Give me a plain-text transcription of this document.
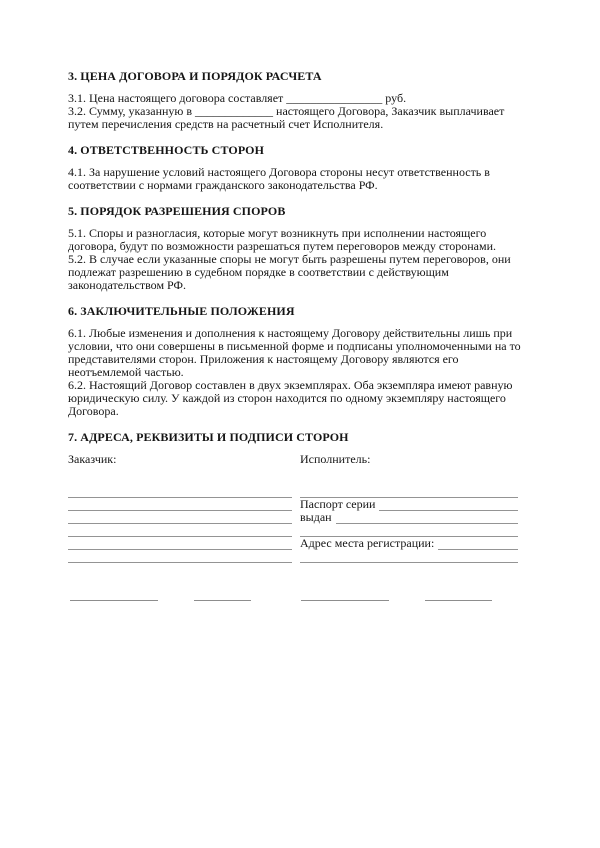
3. ЦЕНА ДОГОВОРА И ПОРЯДОК РАСЧЕТА

3.1. Цена настоящего договора составляет ________________ руб.

3.2. Сумму, указанную в _____________ настоящего Договора, Заказчик выплачивает путем перечисления средств на расчетный счет Исполнителя.

4. ОТВЕТСТВЕННОСТЬ СТОРОН

4.1. За нарушение условий настоящего Договора стороны несут ответственность в соответствии с нормами гражданского законодательства РФ.

5. ПОРЯДОК РАЗРЕШЕНИЯ СПОРОВ

5.1. Споры и разногласия, которые могут возникнуть при исполнении настоящего договора, будут по возможности разрешаться путем переговоров между сторонами.

5.2. В случае если указанные споры не могут быть разрешены путем переговоров, они подлежат разрешению в судебном порядке в соответствии с действующим законодательством РФ.

6. ЗАКЛЮЧИТЕЛЬНЫЕ ПОЛОЖЕНИЯ

6.1. Любые изменения и дополнения к настоящему Договору действительны лишь при условии, что они совершены в письменной форме и подписаны уполномоченными на то представителями сторон. Приложения к настоящему Договору являются его неотъемлемой частью.

6.2. Настоящий Договор составлен в двух экземплярах. Оба экземпляра имеют равную юридическую силу. У каждой из сторон находится по одному экземпляру настоящего Договора.

7. АДРЕСА, РЕКВИЗИТЫ И ПОДПИСИ СТОРОН
Заказчик:	Исполнитель:
Паспорт серии
выдан
Адрес места регистрации:
